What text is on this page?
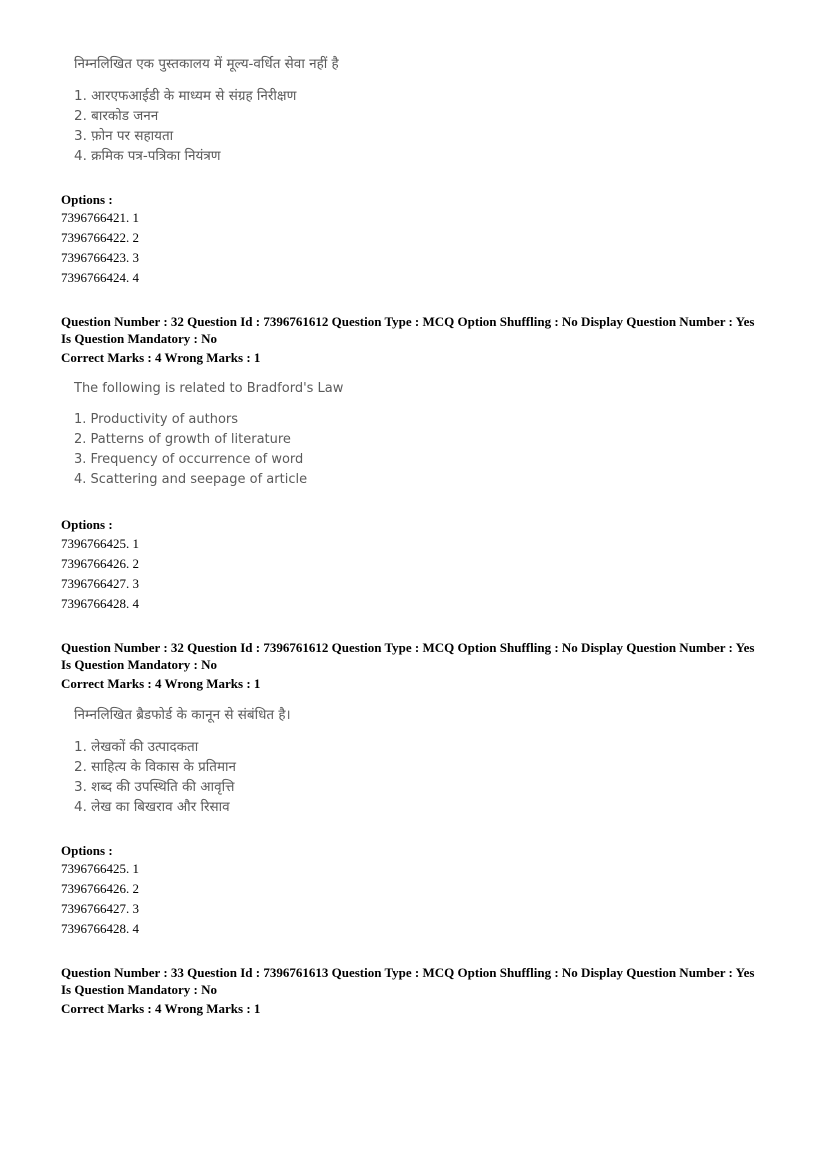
निम्नलिखित एक पुस्तकालय में मूल्य-वर्धित सेवा नहीं है
1. आरएफआईडी के माध्यम से संग्रह निरीक्षण
2. बारकोड जनन
3. फ़ोन पर सहायता
4. क्रमिक पत्र-पत्रिका नियंत्रण
Options :
7396766421. 1
7396766422. 2
7396766423. 3
7396766424. 4
Question Number : 32 Question Id : 7396761612 Question Type : MCQ Option Shuffling : No Display Question Number : Yes
Is Question Mandatory : No
Correct Marks : 4 Wrong Marks : 1
The following is related to Bradford's Law
1. Productivity of authors
2. Patterns of growth of literature
3. Frequency of occurrence of word
4. Scattering and seepage of article
Options :
7396766425. 1
7396766426. 2
7396766427. 3
7396766428. 4
Question Number : 32 Question Id : 7396761612 Question Type : MCQ Option Shuffling : No Display Question Number : Yes
Is Question Mandatory : No
Correct Marks : 4 Wrong Marks : 1
निम्नलिखित ब्रैडफोर्ड के कानून से संबंधित है।
1. लेखकों की उत्पादकता
2. साहित्य के विकास के प्रतिमान
3. शब्द की उपस्थिति की आवृत्ति
4. लेख का बिखराव और रिसाव
Options :
7396766425. 1
7396766426. 2
7396766427. 3
7396766428. 4
Question Number : 33 Question Id : 7396761613 Question Type : MCQ Option Shuffling : No Display Question Number : Yes
Is Question Mandatory : No
Correct Marks : 4 Wrong Marks : 1
